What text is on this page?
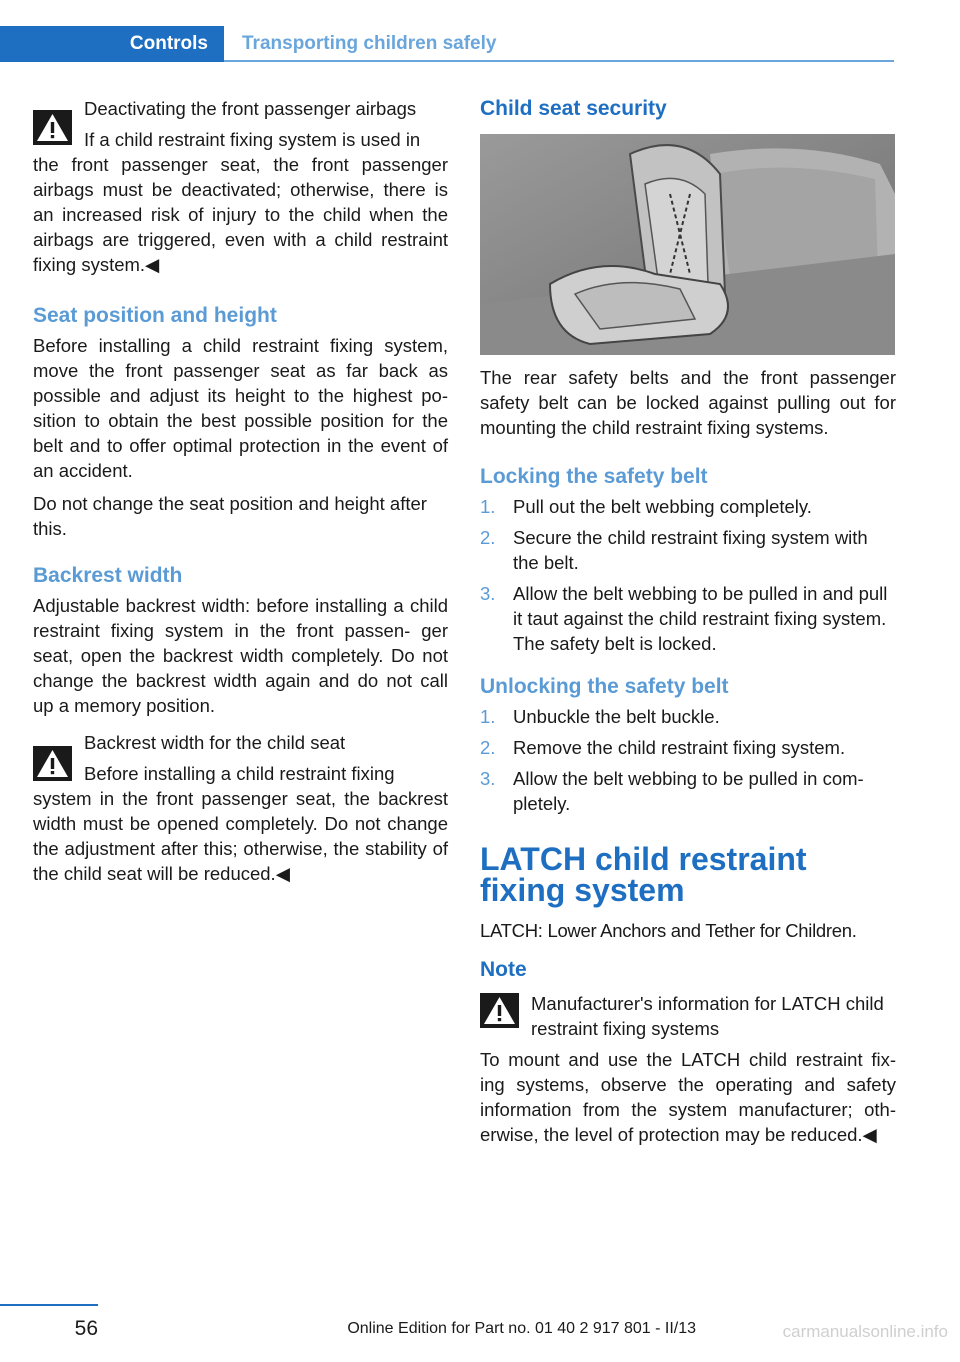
Controls	Transporting children safely

Deactivating the front passenger airbags

If a child restraint fixing system is used in

the front passenger seat, the front passenger airbags must be deactivated; otherwise, there is an increased risk of injury to the child when the airbags are triggered, even with a child restraint fixing system.◀

Seat position and height

Before installing a child restraint fixing system, move the front passenger seat as far back as possible and adjust its height to the highest po- sition to obtain the best possible position for the belt and to offer optimal protection in the event of an accident.

Do not change the seat position and height after this.

Backrest width

Adjustable backrest width: before installing a child restraint fixing system in the front passen- ger seat, open the backrest width completely. Do not change the backrest width again and do not call up a memory position.

Backrest width for the child seat

Before installing a child restraint fixing

system in the front passenger seat, the backrest width must be opened completely. Do not change the adjustment after this; otherwise, the stability of the child seat will be reduced.◀

Child seat security

The rear safety belts and the front passenger safety belt can be locked against pulling out for mounting the child restraint fixing systems.

Locking the safety belt
1. Pull out the belt webbing completely.
2. Secure the child restraint fixing system with the belt.
3. Allow the belt webbing to be pulled in and pull it taut against the child restraint fixing system. The safety belt is locked.
Unlocking the safety belt
1. Unbuckle the belt buckle.
2. Remove the child restraint fixing system.
3. Allow the belt webbing to be pulled in com- pletely.
LATCH child restraint fixing system

LATCH: Lower Anchors and Tether for Children.

Note

Manufacturer's information for LATCH child restraint fixing systems

To mount and use the LATCH child restraint fix- ing systems, observe the operating and safety information from the system manufacturer; oth- erwise, the level of protection may be reduced.◀

56	Online Edition for Part no. 01 40 2 917 801 - II/13	carmanualsonline.info
